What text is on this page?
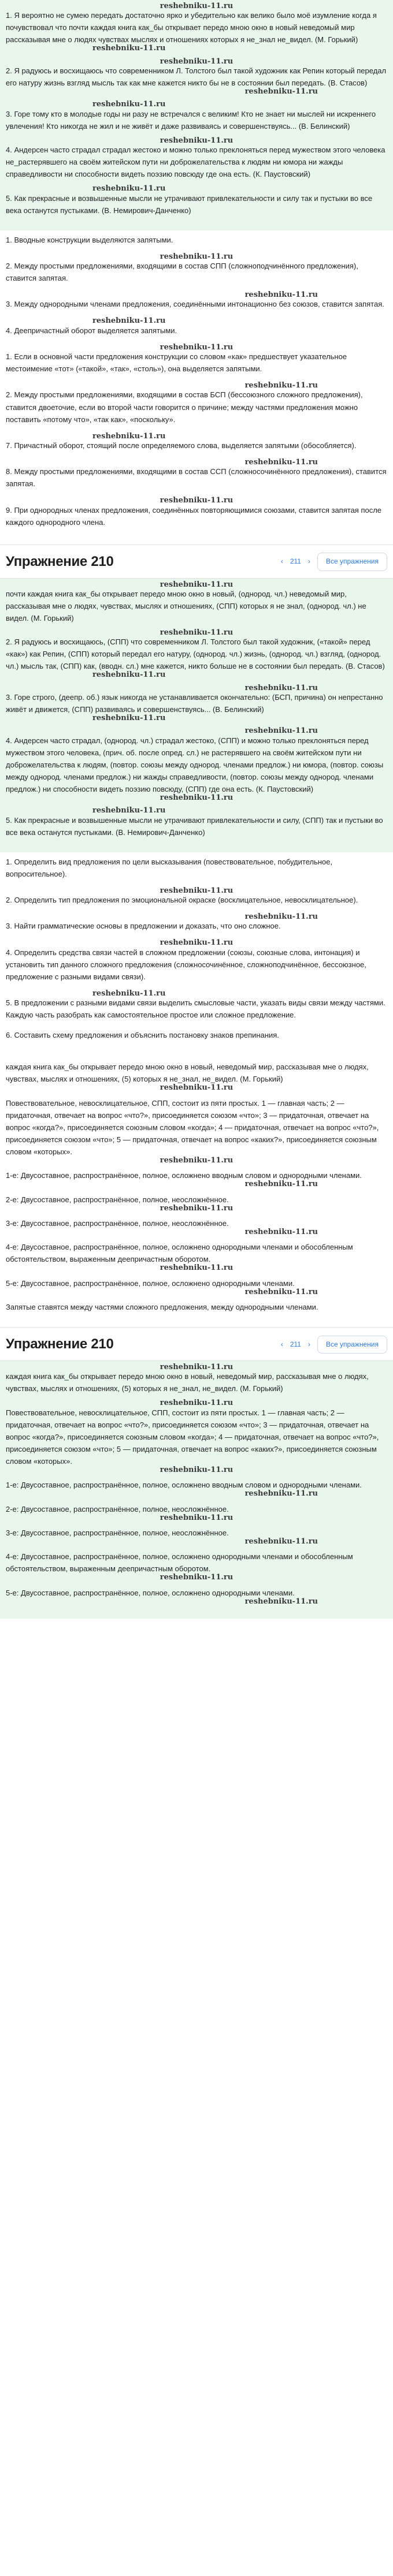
reshebniku-11.ru

1. Я вероятно не сумею передать достаточно ярко и убедительно как велико было моё изумление когда я почувствовал что почти каждая книга как_бы открывает передо мною окно в новый неведомый мир рассказывая мне о людях чувствах мыслях и отношениях которых я не_знал не_видел. (М. Горький)

reshebniku-11.ru
reshebniku-11.ru

2. Я радуюсь и восхищаюсь что современником Л. Толстого был такой художник как Репин который передал его натуру жизнь взгляд мысль так как мне кажется никто бы не в состоянии был передать. (В. Стасов)

reshebniku-11.ru
reshebniku-11.ru

3. Горе тому кто в молодые годы ни разу не встречался с великим! Кто не знает ни мыслей ни искреннего увлечения! Кто никогда не жил и не живёт и даже развиваясь и совершенствуясь... (В. Белинский)

reshebniku-11.ru

4. Андерсен часто страдал страдал жестоко и можно только преклоняться перед мужеством этого человека не_растерявшего на своём житейском пути ни доброжелательства к людям ни юмора ни жажды справедливости ни способности видеть поэзию повсюду где она есть. (К. Паустовский)

reshebniku-11.ru

5. Как прекрасные и возвышенные мысли не утрачивают привлекательности и силу так и пустыки во все века останутся пустыками. (В. Немирович-Данченко)

1. Вводные конструкции выделяются запятыми.

reshebniku-11.ru

2. Между простыми предложениями, входящими в состав СПП (сложноподчинённого предложения), ставится запятая.

reshebniku-11.ru

3. Между однородными членами предложения, соединёнными интонационно без союзов, ставится запятая.

reshebniku-11.ru

4. Деепричастный оборот выделяется запятыми.

reshebniku-11.ru

1. Если в основной части предложения конструкции со словом «как» предшествует указательное местоимение «тот» («такой», «так», «столь»), она выделяется запятыми.

reshebniku-11.ru

2. Между простыми предложениями, входящими в состав БСП (бессоюзного сложного предложения), ставится двоеточие, если во второй части говорится о причине; между частями предложения можно поставить «потому что», «так как», «поскольку».

reshebniku-11.ru

7. Причастный оборот, стоящий после определяемого слова, выделяется запятыми (обособляется).

reshebniku-11.ru

8. Между простыми предложениями, входящими в состав ССП (сложносочинённого предложения), ставится запятая.

reshebniku-11.ru

9. При однородных членах предложения, соединённых повторяющимися союзами, ставится запятая после каждого однородного члена.

Упражнение 210	‹ 211 ›	Все упражнения
reshebniku-11.ru

почти каждая книга как_бы открывает передо мною окно в новый, (однород. чл.) неведомый мир, рассказывая мне о людях, чувствах, мыслях и отношениях, (СПП) которых я не знал, (однород. чл.) не видел. (М. Горький)

reshebniku-11.ru

2. Я радуюсь и восхищаюсь, (СПП) что современником Л. Толстого был такой художник, («такой» перед «как») как Репин, (СПП) который передал его натуру, (однород. чл.) жизнь, (однород. чл.) взгляд, (однород. чл.) мысль так, (СПП) как, (вводн. сл.) мне кажется, никто больше не в состоянии был передать. (В. Стасов)

reshebniku-11.ru
reshebniku-11.ru

3. Горе строго, (деепр. об.) язык никогда не устанавливается окончательно: (БСП, причина) он непрестанно живёт и движется, (СПП) развиваясь и совершенствуясь... (В. Белинский)

reshebniku-11.ru
reshebniku-11.ru

4. Андерсен часто страдал, (однород. чл.) страдал жестоко, (СПП) и можно только преклоняться перед мужеством этого человека, (прич. об. после опред. сл.) не растерявшего на своём житейском пути ни доброжелательства к людям, (повтор. союзы между однород. членами предлож.) ни юмора, (повтор. союзы между однород. членами предлож.) ни жажды справедливости, (повтор. союзы между однород. членами предлож.) ни способности видеть поэзию повсюду, (СПП) где она есть. (К. Паустовский)

reshebniku-11.ru
reshebniku-11.ru

5. Как прекрасные и возвышенные мысли не утрачивают привлекательности и силу, (СПП) так и пустыки во все века останутся пустыками. (В. Немирович-Данченко)

1. Определить вид предложения по цели высказывания (повествовательное, побудительное, вопросительное).

reshebniku-11.ru

2. Определить тип предложения по эмоциональной окраске (восклицательное, невосклицательное).

reshebniku-11.ru

3. Найти грамматические основы в предложении и доказать, что оно сложное.

reshebniku-11.ru

4. Определить средства связи частей в сложном предложении (союзы, союзные слова, интонация) и установить тип данного сложного предложения (сложносочинённое, сложноподчинённое, бессоюзное, предложение с разными видами связи).

reshebniku-11.ru

5. В предложении с разными видами связи выделить смысловые части, указать виды связи между частями. Каждую часть разобрать как самостоятельное простое или сложное предложение.

6. Составить схему предложения и объяснить постановку знаков препинания.

каждая книга как_бы открывает передо мною окно в новый, неведомый мир, рассказывая мне о людях, чувствах, мыслях и отношениях, (5) которых я не_знал, не_видел. (М. Горький)

reshebniku-11.ru

Повествовательное, невосклицательное, СПП, состоит из пяти простых. 1 — главная часть; 2 — придаточная, отвечает на вопрос «что?», присоединяется союзом «что»; 3 — придаточная, отвечает на вопрос «когда?», присоединяется союзным словом «когда»; 4 — придаточная, отвечает на вопрос «что?», присоединяется союзом «что»; 5 — придаточная, отвечает на вопрос «каких?», присоединяется союзным словом «которых».

reshebniku-11.ru

1-е: Двусоставное, распространённое, полное, осложнено вводным словом и однородными членами.

reshebniku-11.ru

2-е: Двусоставное, распространённое, полное, неосложнённое.

reshebniku-11.ru

3-е: Двусоставное, распространённое, полное, неосложнённое.

reshebniku-11.ru

4-е: Двусоставное, распространённое, полное, осложнено однородными членами и обособленным обстоятельством, выраженным деепричастным оборотом.

reshebniku-11.ru

5-е: Двусоставное, распространённое, полное, осложнено однородными членами.

reshebniku-11.ru

Запятые ставятся между частями сложного предложения, между однородными членами.

Упражнение 210	‹ 211 ›	Все упражнения
reshebniku-11.ru

каждая книга как_бы открывает передо мною окно в новый, неведомый мир, рассказывая мне о людях, чувствах, мыслях и отношениях, (5) которых я не_знал, не_видел. (М. Горький)

reshebniku-11.ru

Повествовательное, невосклицательное, СПП, состоит из пяти простых. 1 — главная часть; 2 — придаточная, отвечает на вопрос «что?», присоединяется союзом «что»; 3 — придаточная, отвечает на вопрос «когда?», присоединяется союзным словом «когда»; 4 — придаточная, отвечает на вопрос «что?», присоединяется союзом «что»; 5 — придаточная, отвечает на вопрос «каких?», присоединяется союзным словом «которых».

reshebniku-11.ru

1-е: Двусоставное, распространённое, полное, осложнено вводным словом и однородными членами.

reshebniku-11.ru

2-е: Двусоставное, распространённое, полное, неосложнённое.

reshebniku-11.ru

3-е: Двусоставное, распространённое, полное, неосложнённое.

reshebniku-11.ru

4-е: Двусоставное, распространённое, полное, осложнено однородными членами и обособленным обстоятельством, выраженным деепричастным оборотом.

reshebniku-11.ru

5-е: Двусоставное, распространённое, полное, осложнено однородными членами.

reshebniku-11.ru
